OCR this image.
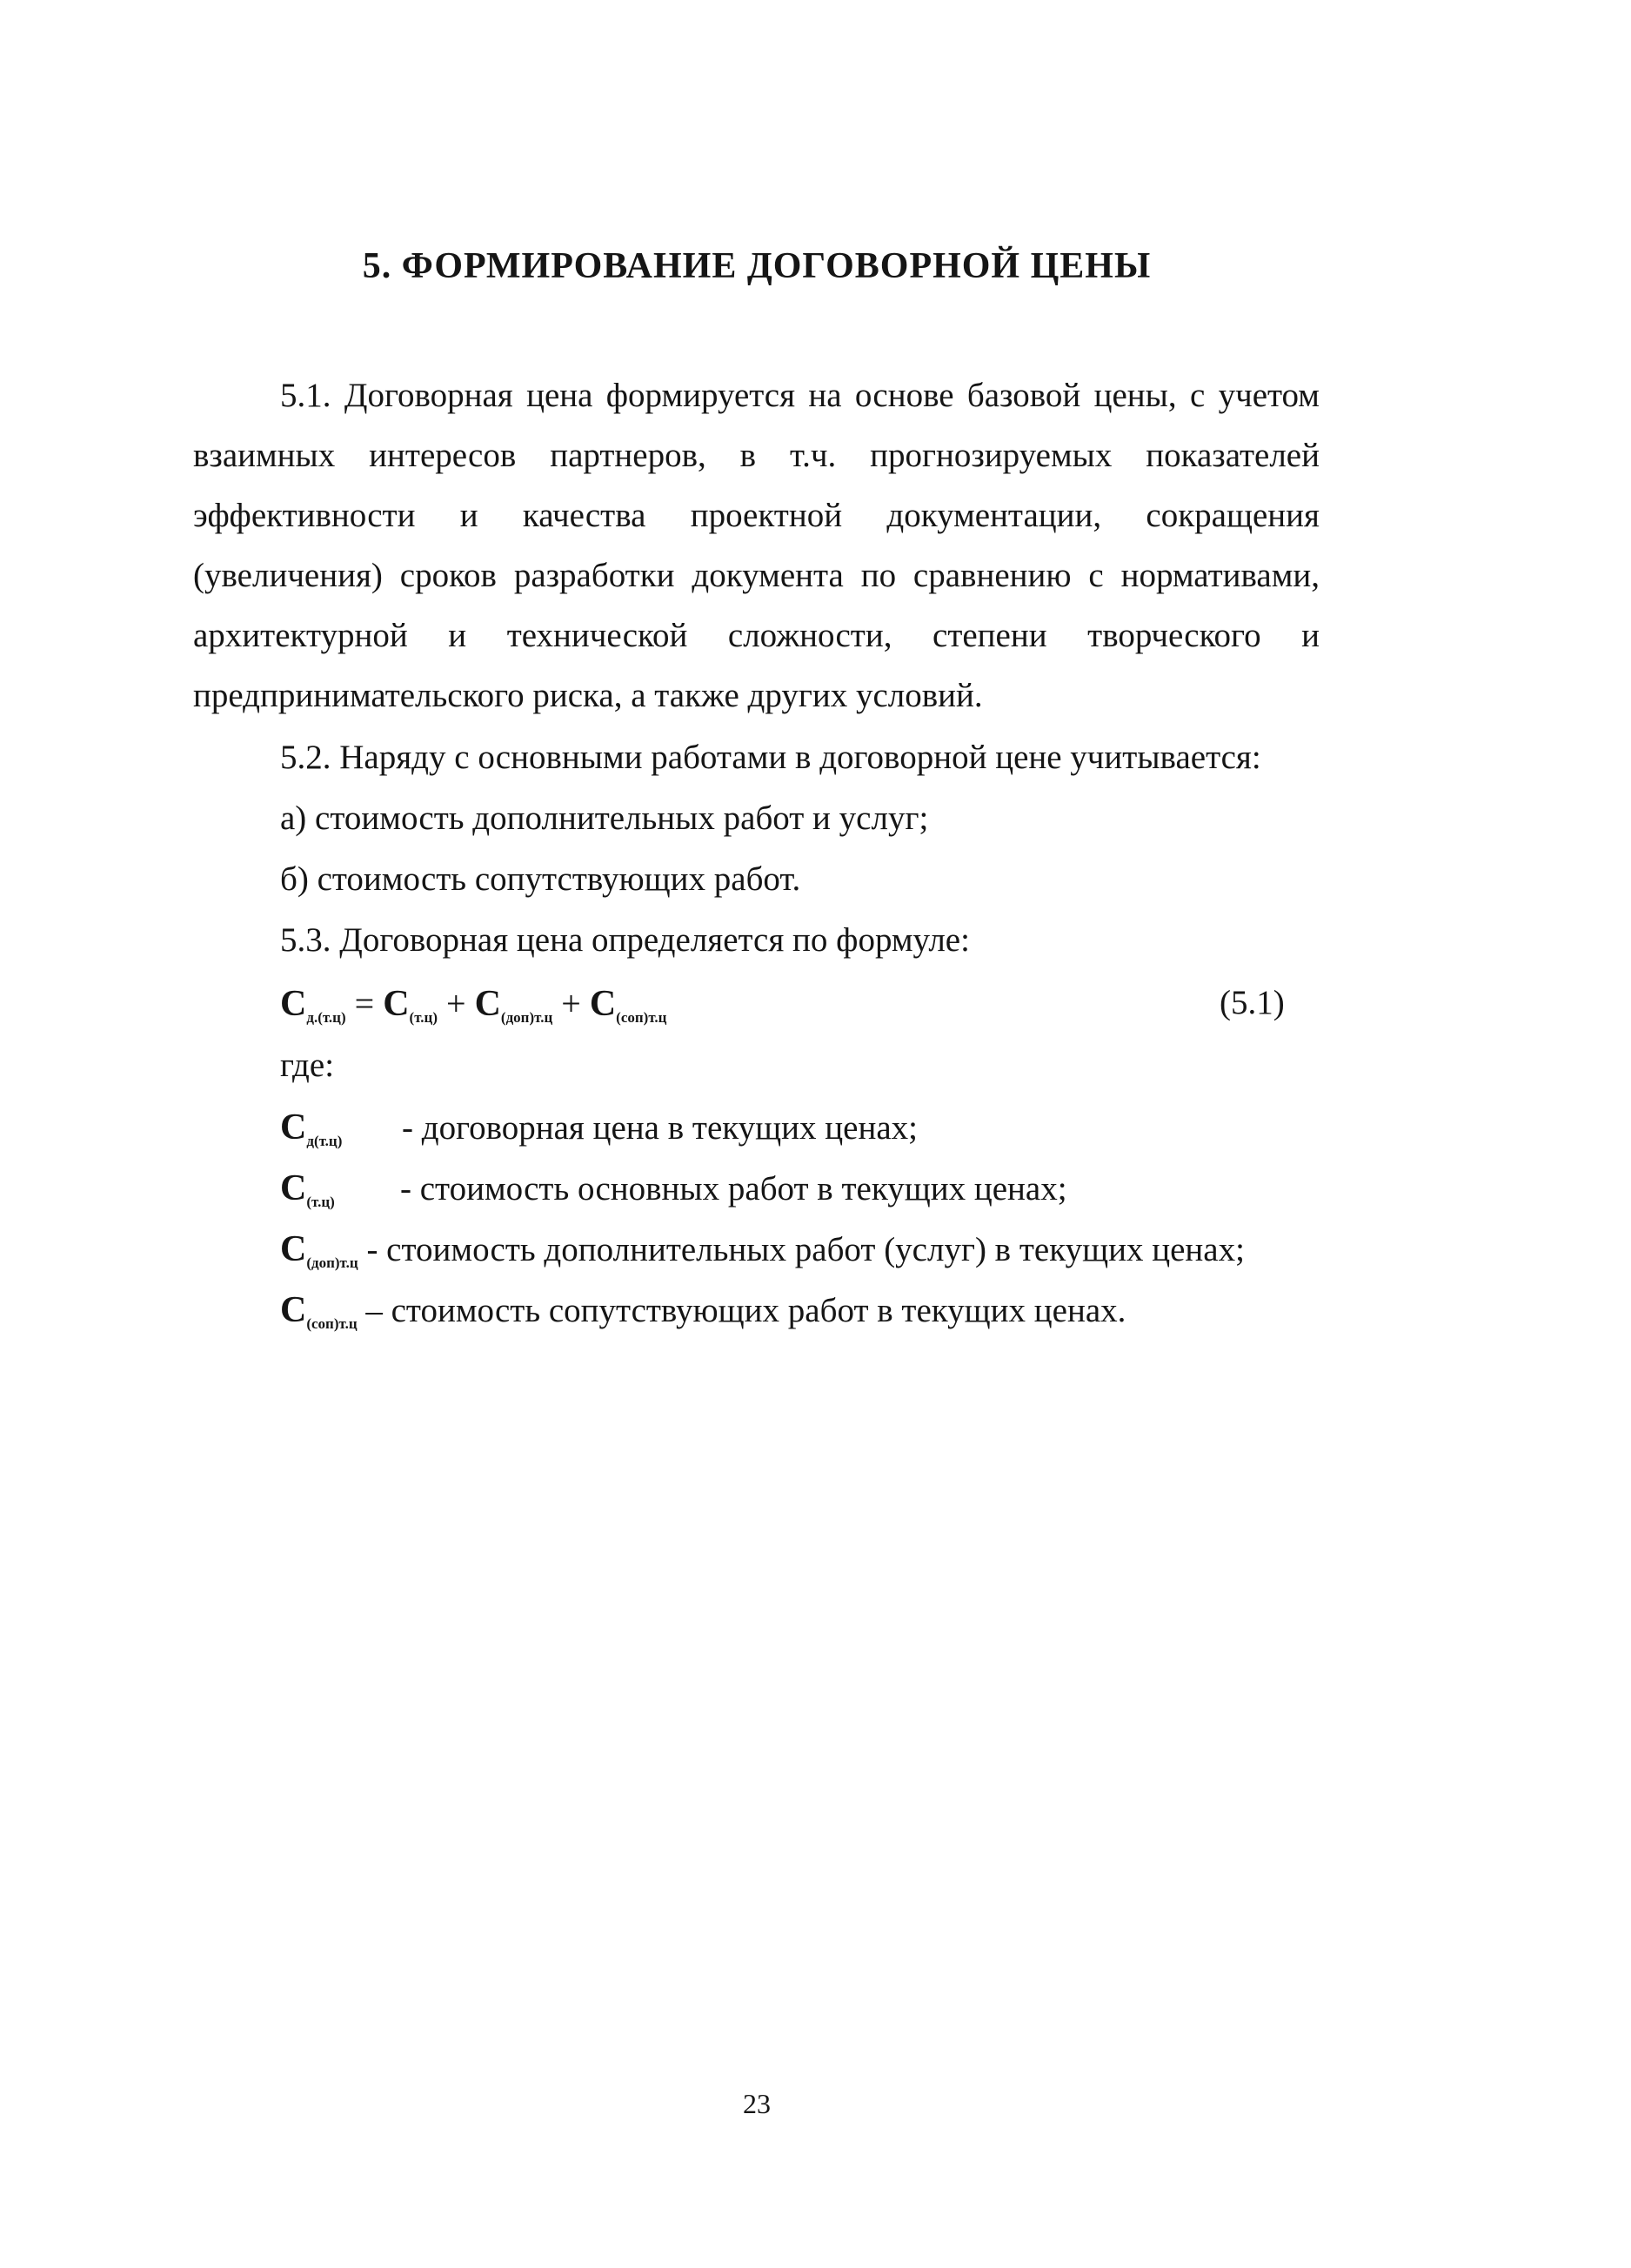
5. ФОРМИРОВАНИЕ ДОГОВОРНОЙ ЦЕНЫ
5.1. Договорная цена формируется на основе базовой цены, с учетом взаимных интересов партнеров, в т.ч. прогнозируемых показателей эффективности и качества проектной документации, сокращения (увеличения) сроков разработки документа по сравнению с нормативами, архитектурной и технической сложности, степени творческого и предпринимательского риска, а также других условий.
5.2. Наряду с основными работами в договорной цене учитывается:
а) стоимость дополнительных работ и услуг;
б) стоимость сопутствующих работ.
5.3. Договорная цена определяется по формуле:
$С_{д.(т.ц)} = С_{(т.ц)} + С_{(доп)т.ц} + С_{(соп)т.ц}$	(5.1)
где:
$С_{д(т.ц)}$ - договорная цена в текущих ценах;
$С_{(т.ц)}$ - стоимость основных работ в текущих ценах;
$С_{(доп)т.ц}$ - стоимость дополнительных работ (услуг) в текущих ценах;
$С_{(соп)т.ц}$ – стоимость сопутствующих работ в текущих ценах.
23
